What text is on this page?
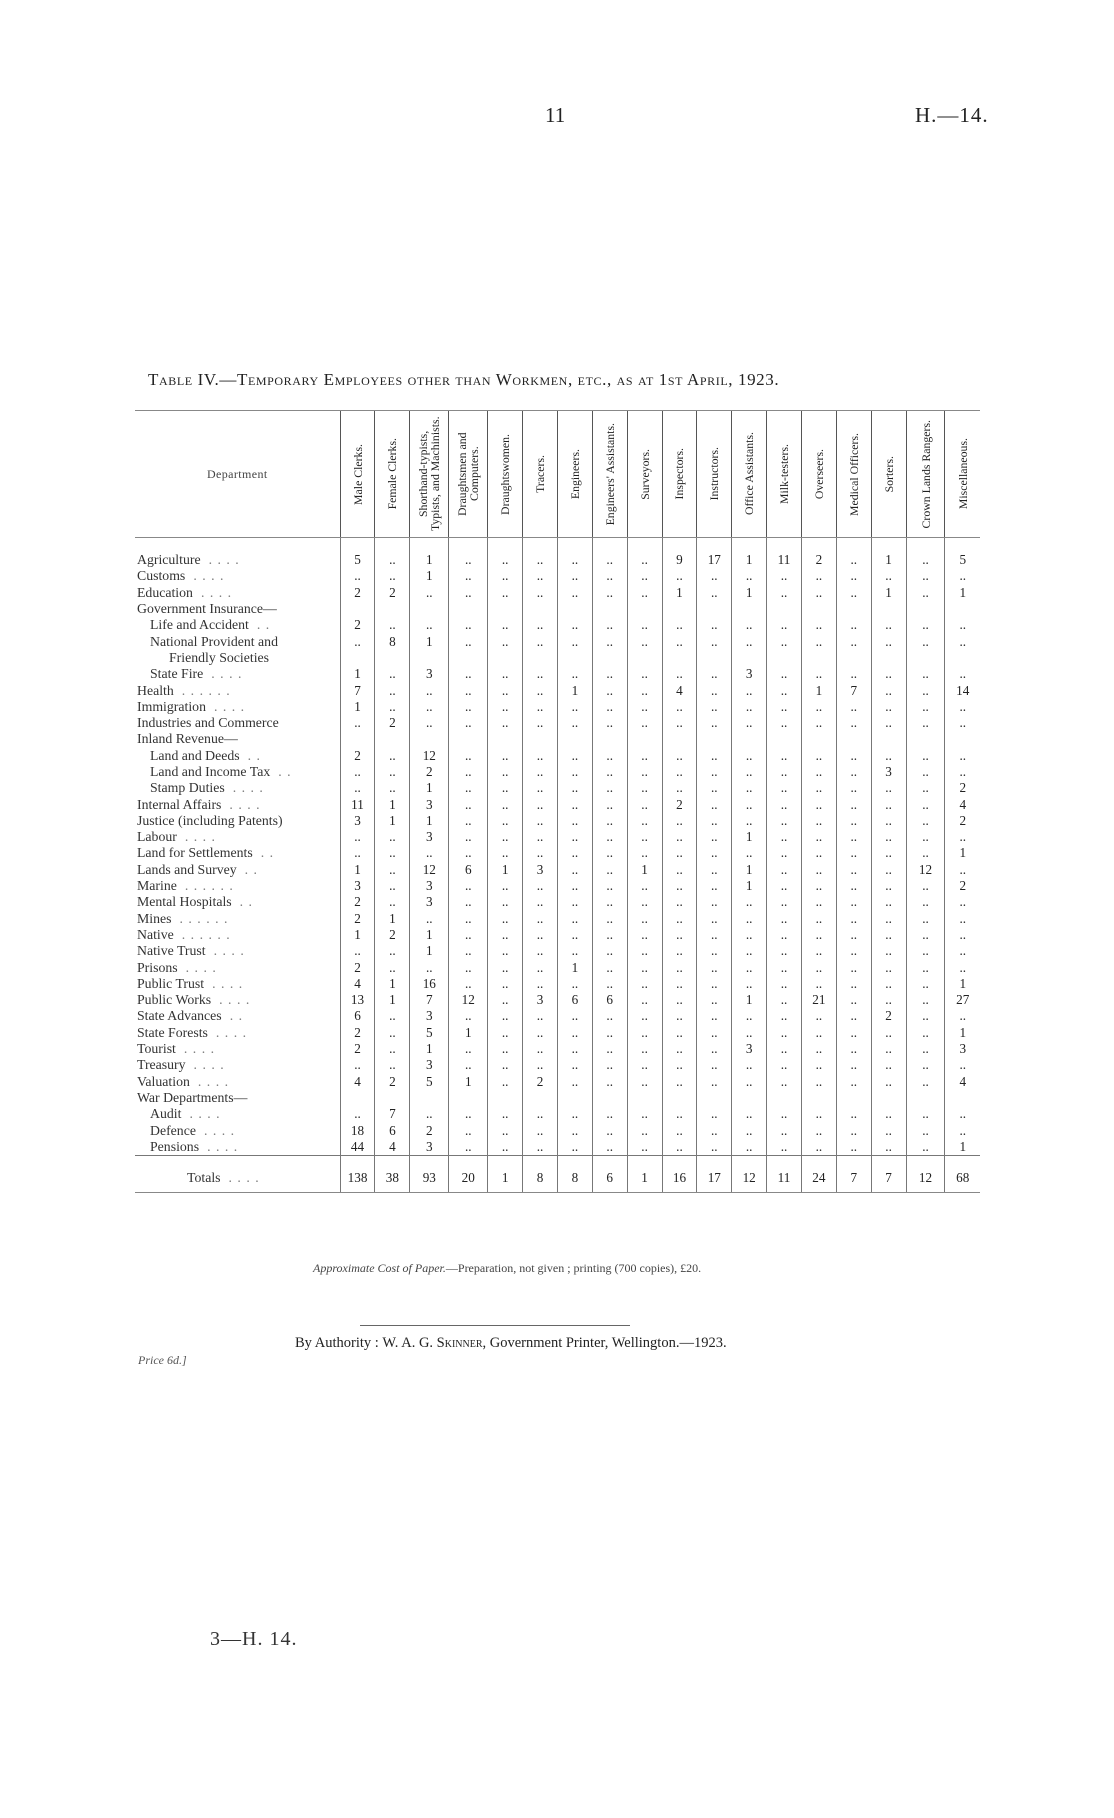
11	H.—14.
Table IV.—Temporary Employees other than Workmen, etc., as at 1st April, 1923.
Department	Male Clerks.	Female Clerks.	Shorthand-typists, Typists, and Machinists.	Draughtsmen and Computers.	Draughtswomen.	Tracers.	Engineers.	Engineers' Assistants.	Surveyors.	Inspectors.	Instructors.	Office Assistants.	Milk-testers.	Overseers.	Medical Officers.	Sorters.	Crown Lands Rangers.	Miscellaneous.

Agriculture . . . .	5	..	1	..	..	..	..	..	..	9	17	1	11	2	..	1	..	5
Customs . . . .	..	..	1	..	..	..	..	..	..	..	..	..	..	..	..	..	..	..
Education . . . .	2	2	..	..	..	..	..	..	..	1	..	1	..	..	..	1	..	1
Government Insurance—																		
Life and Accident . .	2	..	..	..	..	..	..	..	..	..	..	..	..	..	..	..	..	..
National Provident and	..	8	1	..	..	..	..	..	..	..	..	..	..	..	..	..	..	..
Friendly Societies																		
State Fire . . . .	1	..	3	..	..	..	..	..	..	..	..	3	..	..	..	..	..	..
Health . . . . . .	7	..	..	..	..	..	1	..	..	4	..	..	..	1	7	..	..	14
Immigration . . . .	1	..	..	..	..	..	..	..	..	..	..	..	..	..	..	..	..	..
Industries and Commerce	..	2	..	..	..	..	..	..	..	..	..	..	..	..	..	..	..	..
Inland Revenue—																		
Land and Deeds . .	2	..	12	..	..	..	..	..	..	..	..	..	..	..	..	..	..	..
Land and Income Tax . .	..	..	2	..	..	..	..	..	..	..	..	..	..	..	..	3	..	..
Stamp Duties . . . .	..	..	1	..	..	..	..	..	..	..	..	..	..	..	..	..	..	2
Internal Affairs . . . .	11	1	3	..	..	..	..	..	..	2	..	..	..	..	..	..	..	4
Justice (including Patents)	3	1	1	..	..	..	..	..	..	..	..	..	..	..	..	..	..	2
Labour . . . .	..	..	3	..	..	..	..	..	..	..	..	1	..	..	..	..	..	..
Land for Settlements . .	..	..	..	..	..	..	..	..	..	..	..	..	..	..	..	..	..	1
Lands and Survey . .	1	..	12	6	1	3	..	..	1	..	..	1	..	..	..	..	12	..
Marine . . . . . .	3	..	3	..	..	..	..	..	..	..	..	1	..	..	..	..	..	2
Mental Hospitals . .	2	..	3	..	..	..	..	..	..	..	..	..	..	..	..	..	..	..
Mines . . . . . .	2	1	..	..	..	..	..	..	..	..	..	..	..	..	..	..	..	..
Native . . . . . .	1	2	1	..	..	..	..	..	..	..	..	..	..	..	..	..	..	..
Native Trust . . . .	..	..	1	..	..	..	..	..	..	..	..	..	..	..	..	..	..	..
Prisons . . . .	2	..	..	..	..	..	1	..	..	..	..	..	..	..	..	..	..	..
Public Trust . . . .	4	1	16	..	..	..	..	..	..	..	..	..	..	..	..	..	..	1
Public Works . . . .	13	1	7	12	..	3	6	6	..	..	..	1	..	21	..	..	..	27
State Advances . .	6	..	3	..	..	..	..	..	..	..	..	..	..	..	..	2	..	..
State Forests . . . .	2	..	5	1	..	..	..	..	..	..	..	..	..	..	..	..	..	1
Tourist . . . .	2	..	1	..	..	..	..	..	..	..	..	3	..	..	..	..	..	3
Treasury . . . .	..	..	3	..	..	..	..	..	..	..	..	..	..	..	..	..	..	..
Valuation . . . .	4	2	5	1	..	2	..	..	..	..	..	..	..	..	..	..	..	4
War Departments—																		
Audit . . . .	..	7	..	..	..	..	..	..	..	..	..	..	..	..	..	..	..	..
Defence . . . .	18	6	2	..	..	..	..	..	..	..	..	..	..	..	..	..	..	..
Pensions . . . .	44	4	3	..	..	..	..	..	..	..	..	..	..	..	..	..	..	1
Totals . . . .	138	38	93	20	1	8	8	6	1	16	17	12	11	24	7	7	12	68
Approximate Cost of Paper.—Preparation, not given ; printing (700 copies), £20.
Price 6d.]
By Authority : W. A. G. Skinner, Government Printer, Wellington.—1923.
3—H. 14.
